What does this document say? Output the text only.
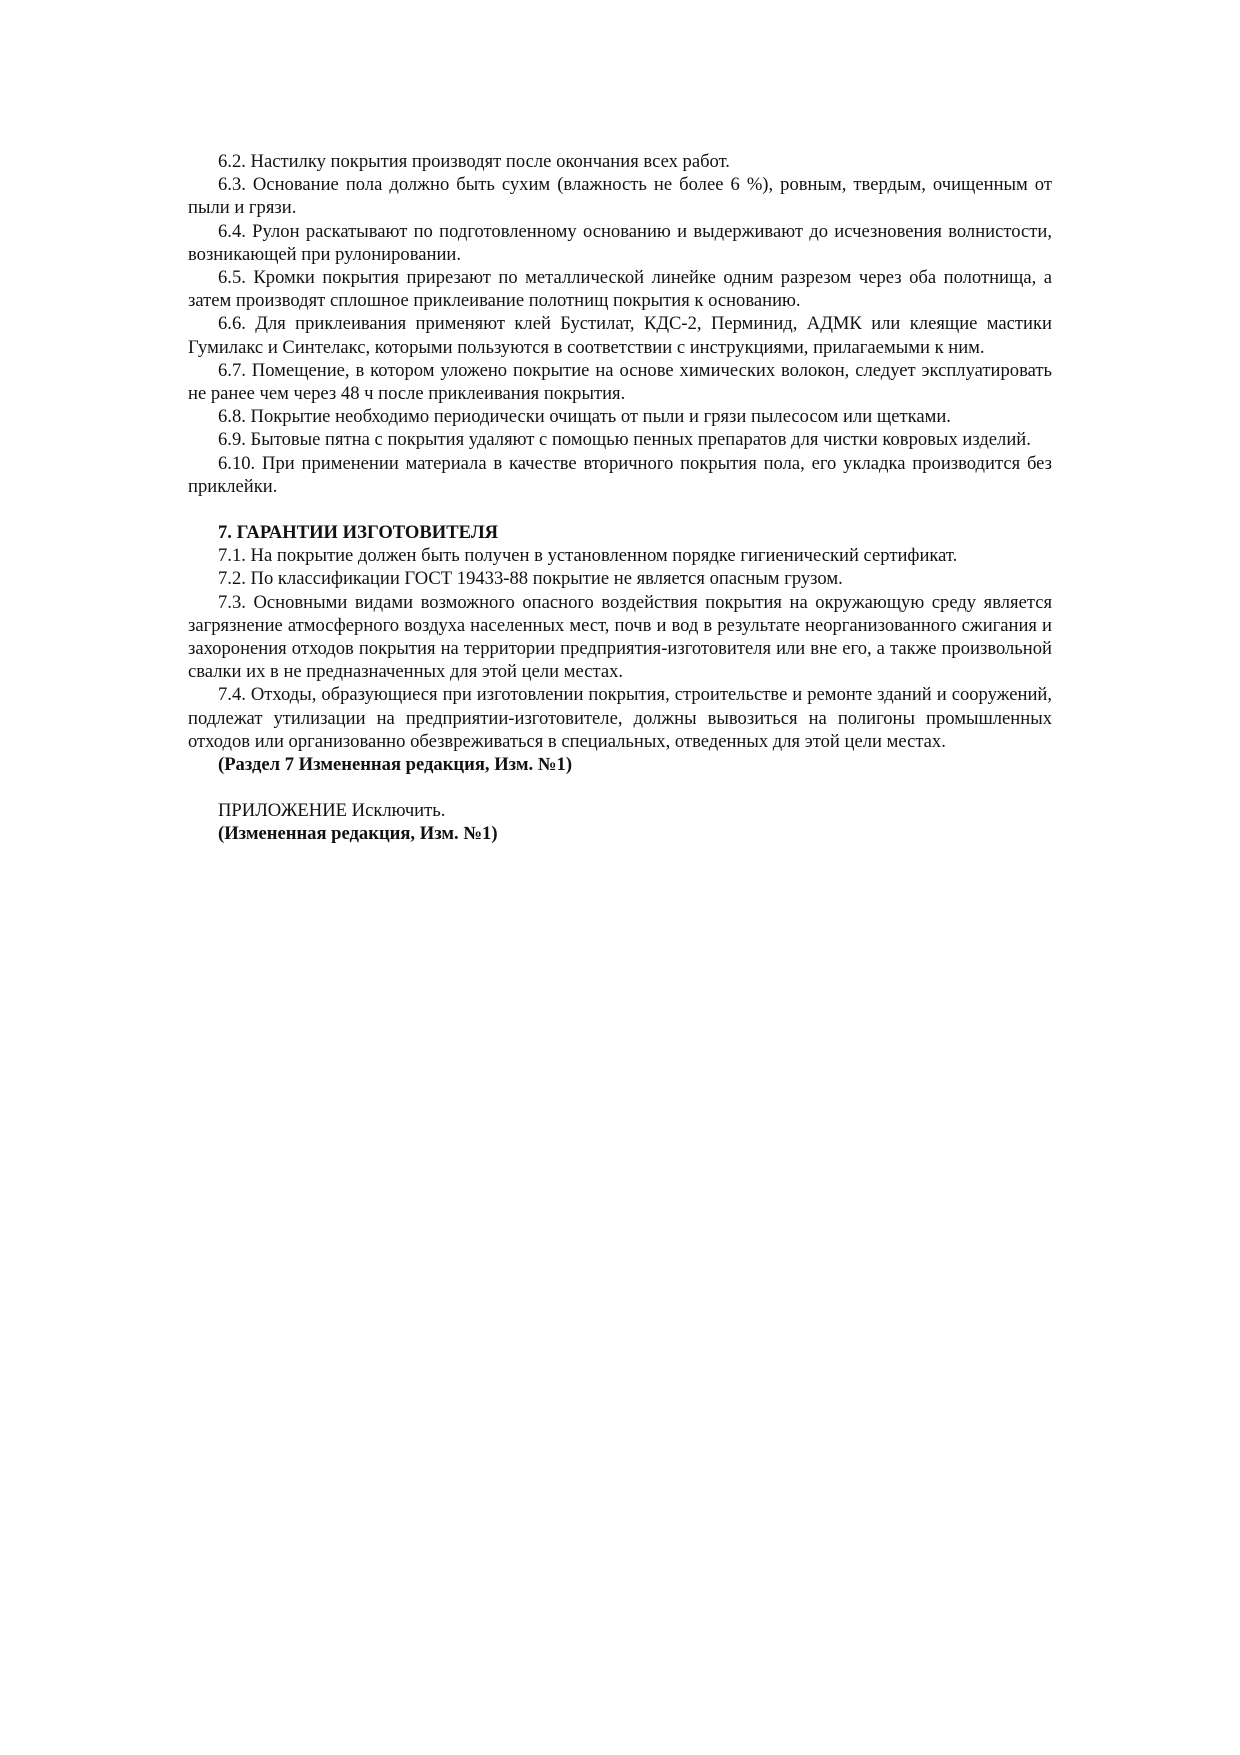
6.2. Настилку покрытия производят после окончания всех работ.

6.3. Основание пола должно быть сухим (влажность не более 6 %), ровным, твердым, очищенным от пыли и грязи.

6.4. Рулон раскатывают по подготовленному основанию и выдерживают до исчезновения волнистости, возникающей при рулонировании.

6.5. Кромки покрытия прирезают по металлической линейке одним разрезом через оба полотнища, а затем производят сплошное приклеивание полотнищ покрытия к основанию.

6.6. Для приклеивания применяют клей Бустилат, КДС-2, Перминид, АДМК или клеящие мастики Гумилакс и Синтелакс, которыми пользуются в соответствии с инструкциями, прилагаемыми к ним.

6.7. Помещение, в котором уложено покрытие на основе химических волокон, следует эксплуатировать не ранее чем через 48 ч после приклеивания покрытия.

6.8. Покрытие необходимо периодически очищать от пыли и грязи пылесосом или щетками.

6.9. Бытовые пятна с покрытия удаляют с помощью пенных препаратов для чистки ковровых изделий.

6.10. При применении материала в качестве вторичного покрытия пола, его укладка производится без приклейки.

7. ГАРАНТИИ ИЗГОТОВИТЕЛЯ

7.1. На покрытие должен быть получен в установленном порядке гигиенический сертификат.

7.2. По классификации ГОСТ 19433-88 покрытие не является опасным грузом.

7.3. Основными видами возможного опасного воздействия покрытия на окружающую среду является загрязнение атмосферного воздуха населенных мест, почв и вод в результате неорганизованного сжигания и захоронения отходов покрытия на территории предприятия-изготовителя или вне его, а также произвольной свалки их в не предназначенных для этой цели местах.

7.4. Отходы, образующиеся при изготовлении покрытия, строительстве и ремонте зданий и сооружений, подлежат утилизации на предприятии-изготовителе, должны вывозиться на полигоны промышленных отходов или организованно обезвреживаться в специальных, отведенных для этой цели местах.

(Раздел 7 Измененная редакция, Изм. №1)

ПРИЛОЖЕНИЕ Исключить.

(Измененная редакция, Изм. №1)
